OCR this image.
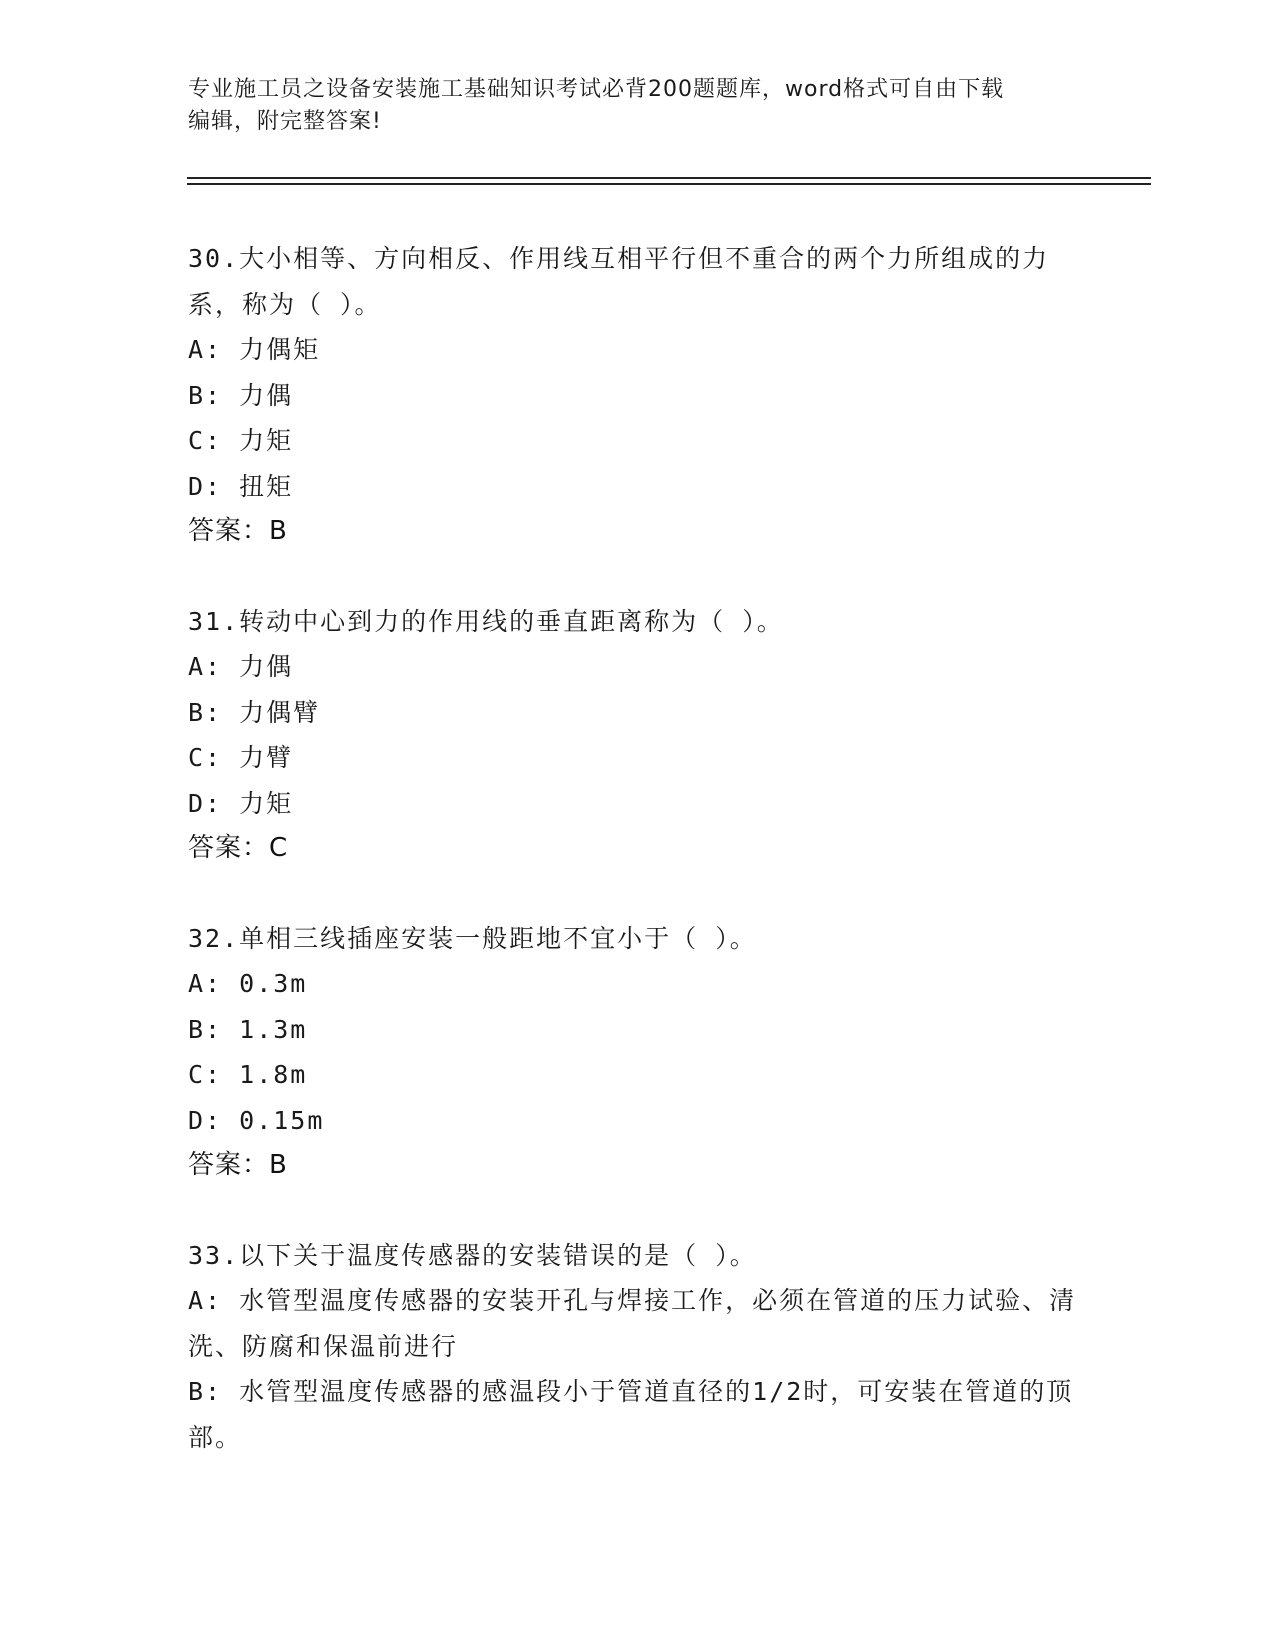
专业施工员之设备安装施工基础知识考试必背200题题库，word格式可自由下载
编辑，附完整答案!
30.大小相等、方向相反、作用线互相平行但不重合的两个力所组成的力系，称为（ ）。
A: 力偶矩
B: 力偶
C: 力矩
D: 扭矩
答案：B
31.转动中心到力的作用线的垂直距离称为（ ）。
A: 力偶
B: 力偶臂
C: 力臂
D: 力矩
答案：C
32.单相三线插座安装一般距地不宜小于（ ）。
A: 0.3m
B: 1.3m
C: 1.8m
D: 0.15m
答案：B
33.以下关于温度传感器的安装错误的是（ ）。
A: 水管型温度传感器的安装开孔与焊接工作，必须在管道的压力试验、清洗、防腐和保温前进行
B: 水管型温度传感器的感温段小于管道直径的1/2时，可安装在管道的顶部。
